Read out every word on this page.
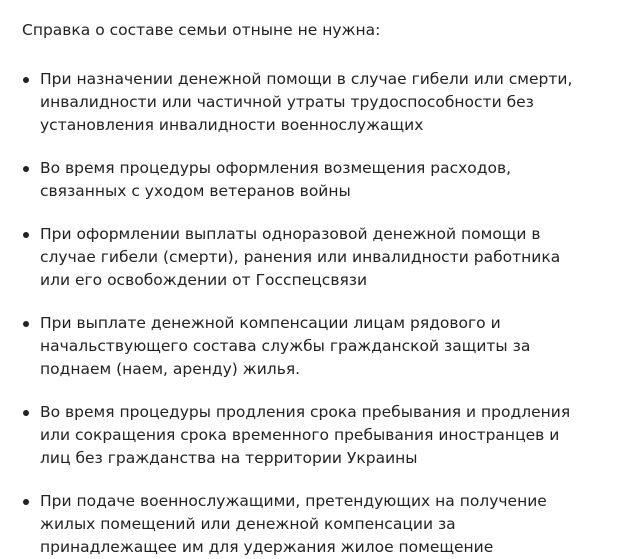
Справка о составе семьи отныне не нужна:

При назначении денежной помощи в случае гибели или смерти,
инвалидности или частичной утраты трудоспособности без
установления инвалидности военнослужащих
Во время процедуры оформления возмещения расходов,
связанных с уходом ветеранов войны
При оформлении выплаты одноразовой денежной помощи в
случае гибели (смерти), ранения или инвалидности работника
или его освобождении от Госспецсвязи
При выплате денежной компенсации лицам рядового и
начальствующего состава службы гражданской защиты за
поднаем (наем, аренду) жилья.
Во время процедуры продления срока пребывания и продления
или сокращения срока временного пребывания иностранцев и
лиц без гражданства на территории Украины
При подаче военнослужащими, претендующих на получение
жилых помещений или денежной компенсации за
принадлежащее им для удержания жилое помещение
